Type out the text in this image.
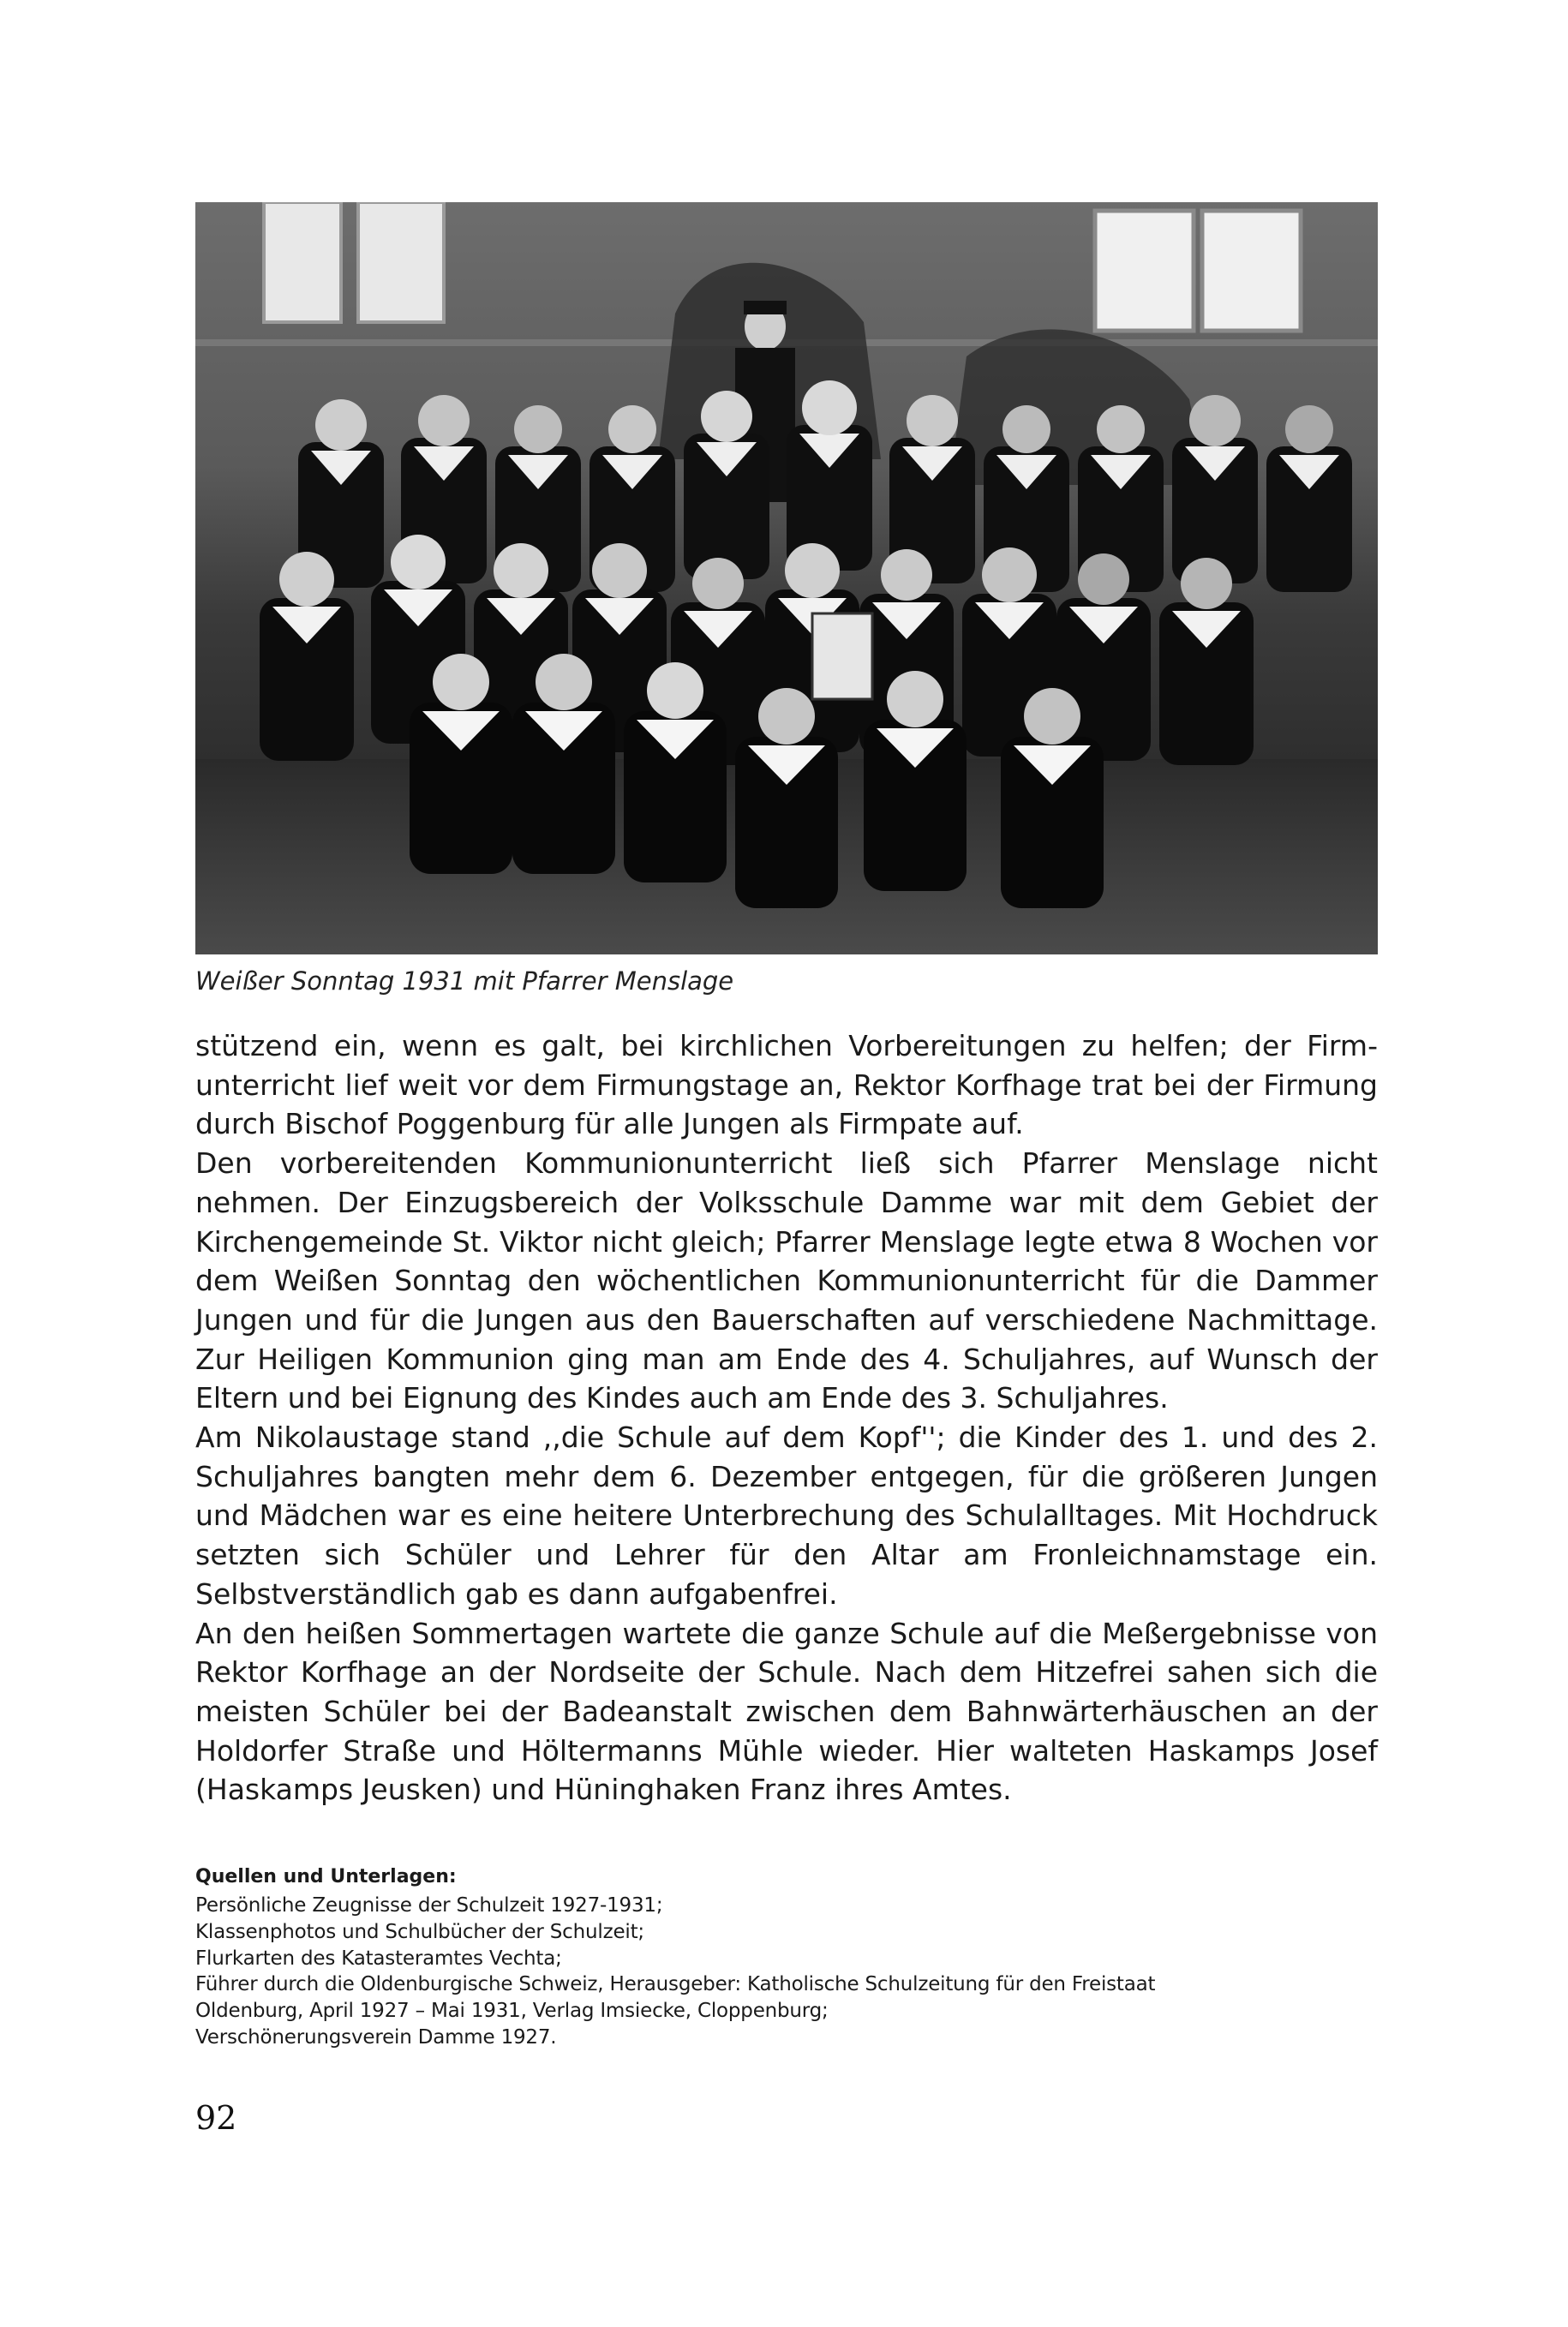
Weißer Sonntag 1931 mit Pfarrer Menslage

stützend ein, wenn es galt, bei kirchlichen Vorbereitungen zu helfen; der Firmunterricht lief weit vor dem Firmungstage an, Rektor Korfhage trat bei der Firmung durch Bischof Poggenburg für alle Jungen als Firmpate auf.

Den vorbereitenden Kommunionunterricht ließ sich Pfarrer Menslage nicht nehmen. Der Einzugsbereich der Volksschule Damme war mit dem Gebiet der Kirchengemeinde St. Viktor nicht gleich; Pfarrer Menslage legte etwa 8 Wochen vor dem Weißen Sonntag den wöchentlichen Kommunionunterricht für die Dammer Jungen und für die Jungen aus den Bauerschaften auf verschiedene Nachmittage. Zur Heiligen Kommunion ging man am Ende des 4. Schuljahres, auf Wunsch der Eltern und bei Eignung des Kindes auch am Ende des 3. Schuljahres.

Am Nikolaustage stand ,,die Schule auf dem Kopf''; die Kinder des 1. und des 2. Schuljahres bangten mehr dem 6. Dezember entgegen, für die größeren Jungen und Mädchen war es eine heitere Unterbrechung des Schulalltages. Mit Hochdruck setzten sich Schüler und Lehrer für den Altar am Fronleichnamstage ein. Selbstverständlich gab es dann aufgabenfrei.

An den heißen Sommertagen wartete die ganze Schule auf die Meßergebnisse von Rektor Korfhage an der Nordseite der Schule. Nach dem Hitzefrei sahen sich die meisten Schüler bei der Badeanstalt zwischen dem Bahnwärterhäuschen an der Holdorfer Straße und Höltermanns Mühle wieder. Hier walteten Haskamps Josef (Haskamps Jeusken) und Hüninghaken Franz ihres Amtes.

Quellen und Unterlagen:
Persönliche Zeugnisse der Schulzeit 1927-1931;
Klassenphotos und Schulbücher der Schulzeit;
Flurkarten des Katasteramtes Vechta;
Führer durch die Oldenburgische Schweiz, Herausgeber: Katholische Schulzeitung für den Freistaat
Oldenburg, April 1927 – Mai 1931, Verlag Imsiecke, Cloppenburg;
Verschönerungsverein Damme 1927.
92
